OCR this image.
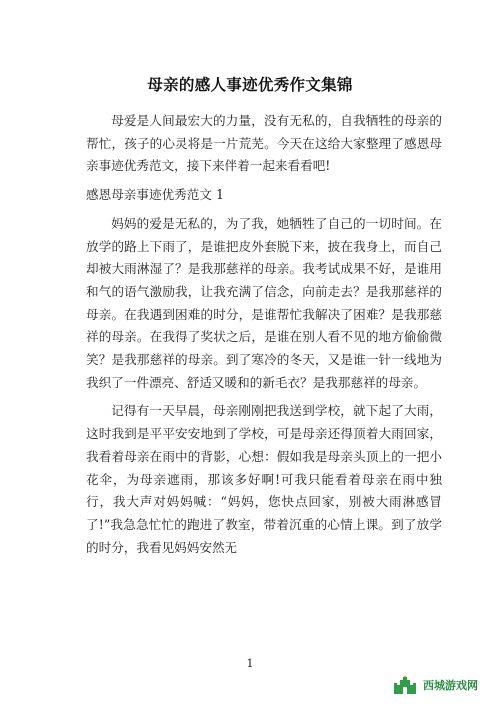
母亲的感人事迹优秀作文集锦

母爱是人间最宏大的力量，没有无私的，自我牺牲的母亲的帮忙，孩子的心灵将是一片荒芜。今天在这给大家整理了感恩母亲事迹优秀范文，接下来伴着一起来看看吧!

感恩母亲事迹优秀范文 1

妈妈的爱是无私的，为了我，她牺牲了自己的一切时间。在放学的路上下雨了，是谁把皮外套脱下来，披在我身上，而自己却被大雨淋湿了？是我那慈祥的母亲。我考试成果不好，是谁用和气的语气激励我，让我充满了信念，向前走去？是我那慈祥的母亲。在我遇到困难的时分，是谁帮忙我解决了困难？是我那慈祥的母亲。在我得了奖状之后，是谁在别人看不见的地方偷偷微笑？是我那慈祥的母亲。到了寒冷的冬天，又是谁一针一线地为我织了一件漂亮、舒适又暖和的新毛衣？是我那慈祥的母亲。

记得有一天早晨，母亲刚刚把我送到学校，就下起了大雨，这时我到是平平安安地到了学校，可是母亲还得顶着大雨回家，我看着母亲在雨中的背影，心想：假如我是母亲头顶上的一把小花伞，为母亲遮雨，那该多好啊!可我只能看着母亲在雨中独行，我大声对妈妈喊：“妈妈，您快点回家，别被大雨淋感冒了!”我急急忙忙的跑进了教室，带着沉重的心情上课。到了放学的时分，我看见妈妈安然无

1
西城游戏网
